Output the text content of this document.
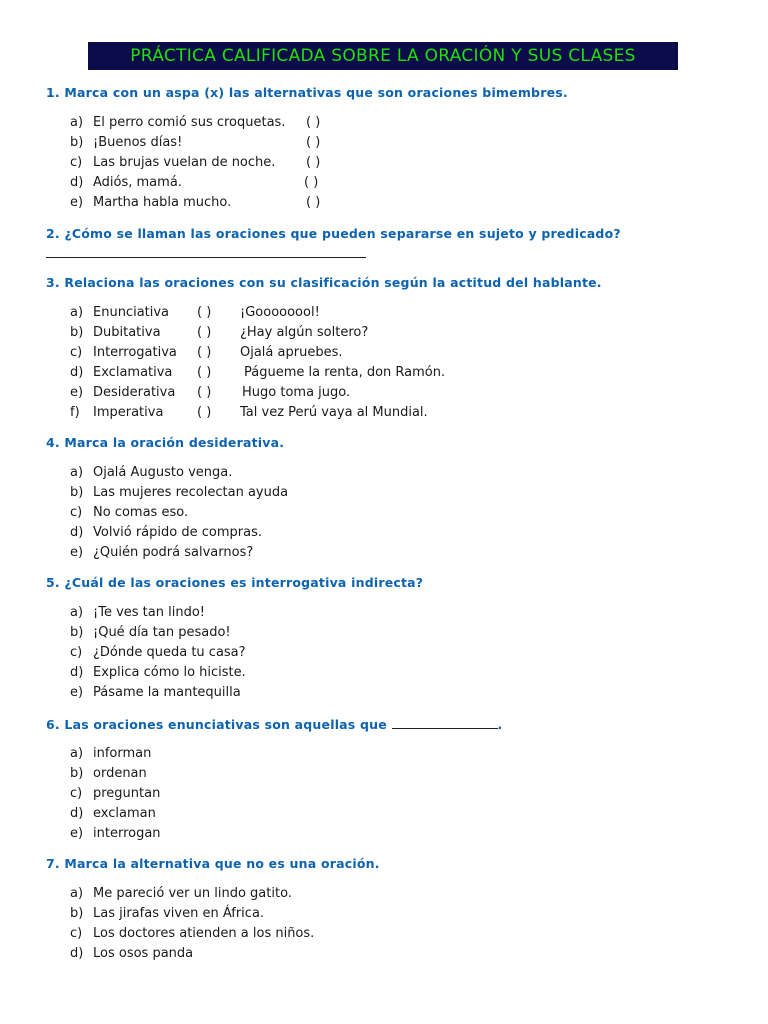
PRÁCTICA CALIFICADA SOBRE LA ORACIÓN Y SUS CLASES
1. Marca con un aspa (x) las alternativas que son oraciones bimembres.
a) El perro comió sus croquetas. ( )
b) ¡Buenos días!	( )
c) Las brujas vuelan de noche. ( )
d) Adiós, mamá.	( )
e) Martha habla mucho.	( )
2. ¿Cómo se llaman las oraciones que pueden separarse en sujeto y predicado?
3. Relaciona las oraciones con su clasificación según la actitud del hablante.
a) Enunciativa ( ) ¡Goooooool!
b) Dubitativa	( ) ¿Hay algún soltero?
c) Interrogativa ( ) Ojalá apruebes.
d) Exclamativa ( )	Págueme la renta, don Ramón.
e) Desiderativa ( ) Hugo toma jugo.
f) Imperativa	( ) Tal vez Perú vaya al Mundial.
4. Marca la oración desiderativa.
a) Ojalá Augusto venga.
b) Las mujeres recolectan ayuda
c) No comas eso.
d) Volvió rápido de compras.
e) ¿Quién podrá salvarnos?
5. ¿Cuál de las oraciones es interrogativa indirecta?
a) ¡Te ves tan lindo!
b) ¡Qué día tan pesado!
c) ¿Dónde queda tu casa?
d) Explica cómo lo hiciste.
e) Pásame la mantequilla
6. Las oraciones enunciativas son aquellas que	.
a) informan
b) ordenan
c) preguntan
d) exclaman
e) interrogan
7. Marca la alternativa que no es una oración.
a) Me pareció ver un lindo gatito.
b) Las jirafas viven en África.
c) Los doctores atienden a los niños.
d) Los osos panda
